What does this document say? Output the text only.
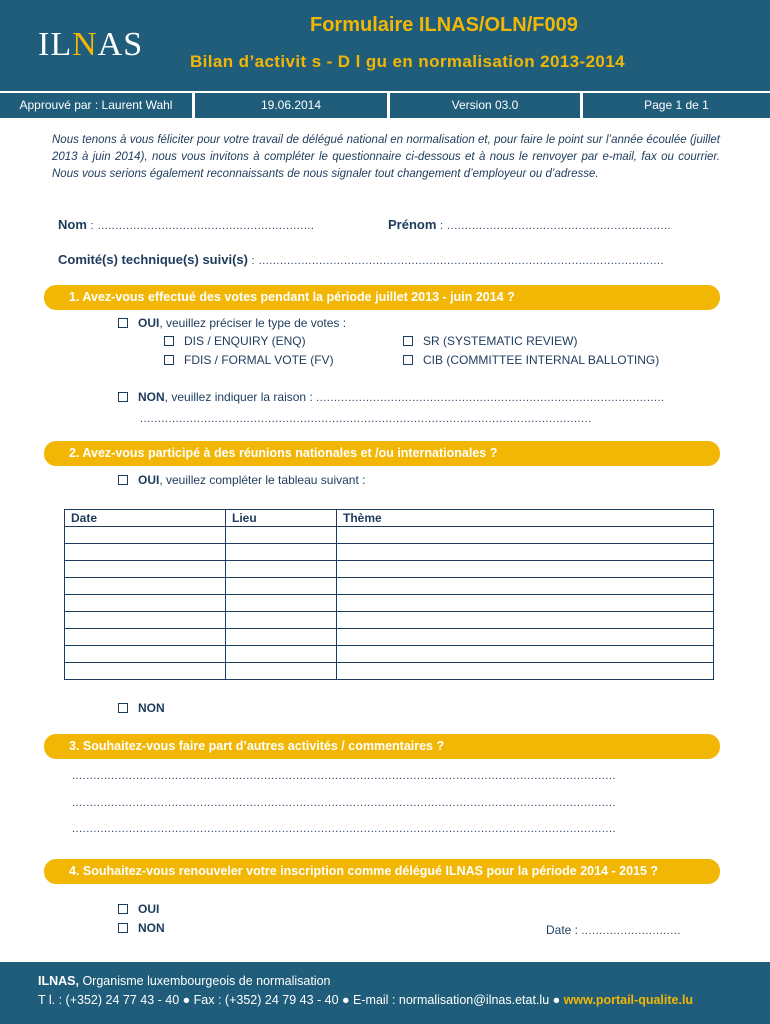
ILNAS
Formulaire ILNAS/OLN/F009
Bilan d’activit s - D l gu en normalisation 2013-2014
Approuvé par : Laurent Wahl	19.06.2014	Version 03.0	Page 1 de 1
Nous tenons à vous féliciter pour votre travail de délégué national en normalisation et, pour faire le point sur l’année écoulée (juillet 2013 à juin 2014), nous vous invitons à compléter le questionnaire ci-dessous et à nous le renvoyer par e-mail, fax ou courrier. Nous vous serions également reconnaissants de nous signaler tout changement d’employeur ou d’adresse.
Nom : .............................................................	Prénom : ...............................................................
Comité(s) technique(s) suivi(s) : ..................................................................................................................
1. Avez-vous effectué des votes pendant la période juillet 2013 - juin 2014 ?
OUI, veuillez préciser le type de votes :
DIS / ENQUIRY (ENQ)
FDIS / FORMAL VOTE (FV)
SR (SYSTEMATIC REVIEW)
CIB (COMMITTEE INTERNAL BALLOTING)
NON, veuillez indiquer la raison : ..................................................................................................
...............................................................................................................................
2. Avez-vous participé à des réunions nationales et /ou internationales ?
OUI, veuillez compléter le tableau suivant :
Date	Lieu	Thème

NON
3. Souhaitez-vous faire part d’autres activités / commentaires ?
.........................................................................................................................................................
.........................................................................................................................................................
.........................................................................................................................................................
4. Souhaitez-vous renouveler votre inscription comme délégué ILNAS pour la période 2014 - 2015 ?
OUI
NON	Date : ............................
ILNAS, Organisme luxembourgeois de normalisation
T l. : (+352) 24 77 43 - 40 ● Fax : (+352) 24 79 43 - 40 ● E-mail : normalisation@ilnas.etat.lu ● www.portail-qualite.lu
